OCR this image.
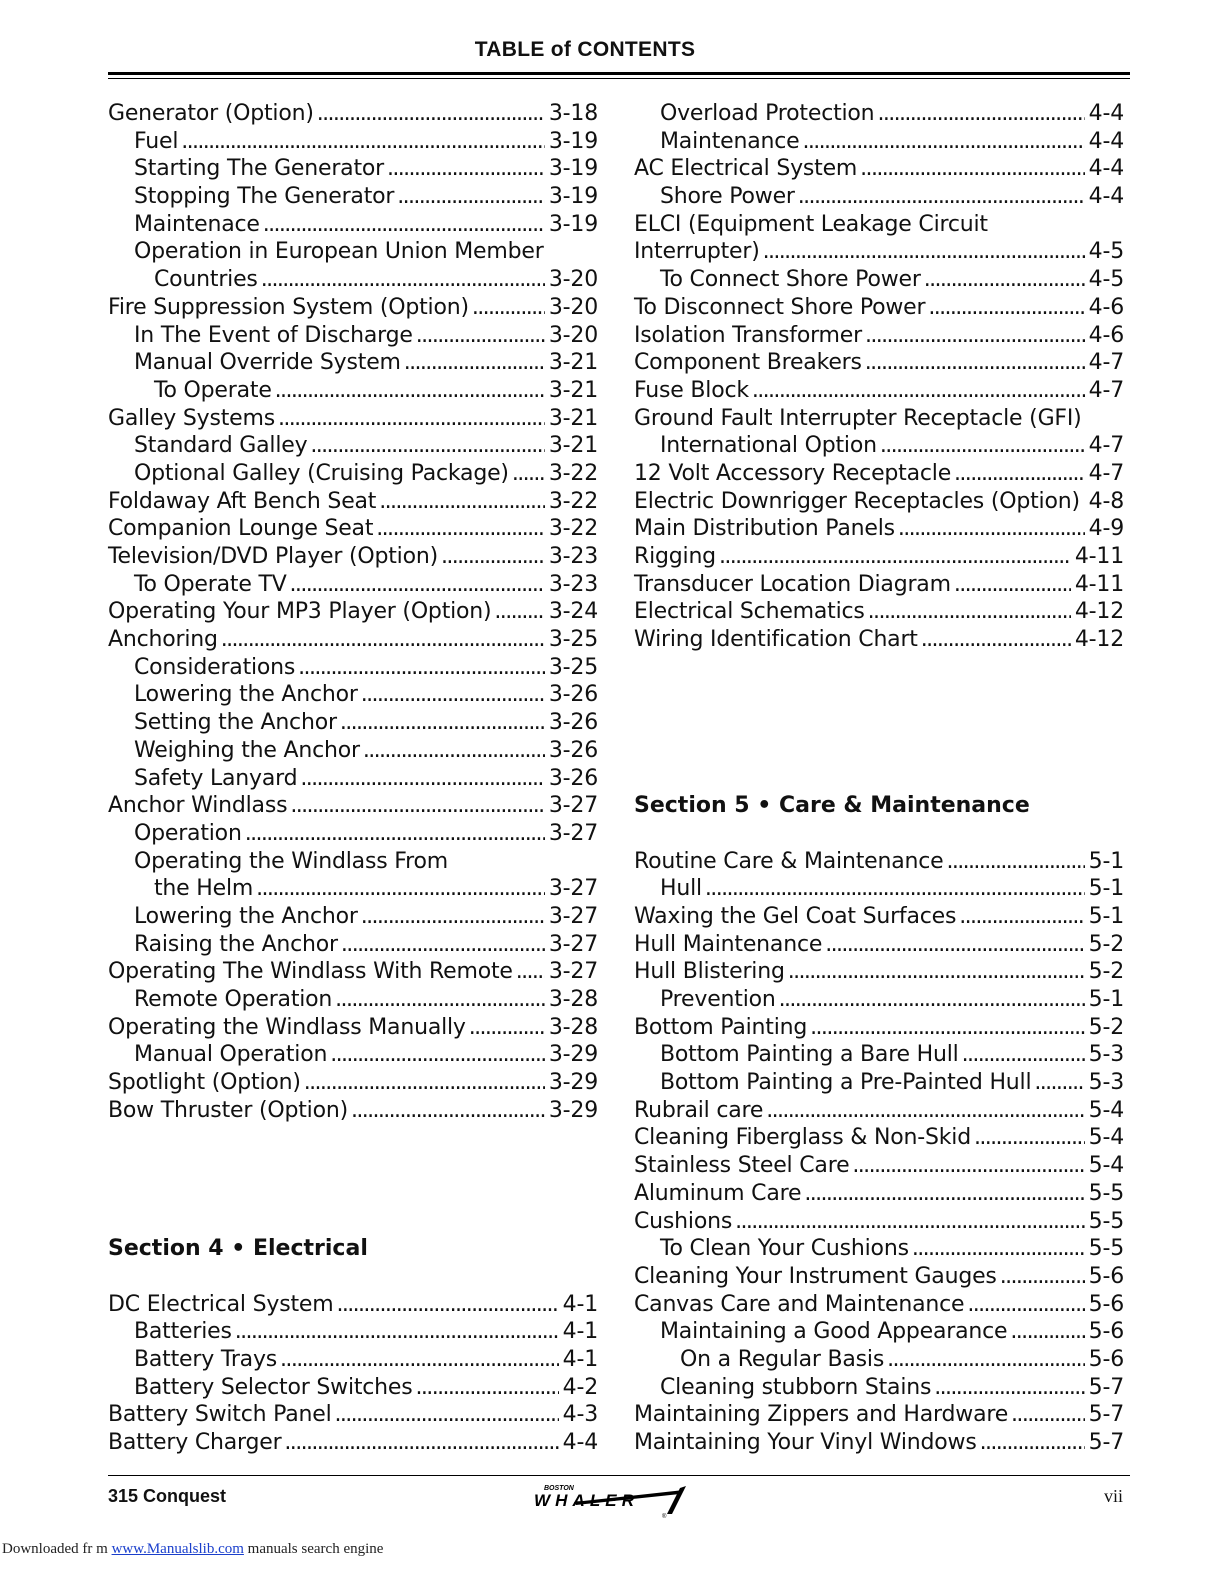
TABLE of CONTENTS
Generator (Option) . . .	3-18
Fuel . . .	3-19
Starting The Generator . . .	3-19
Stopping The Generator . . .	3-19
Maintenace . . .	3-19
Operation in European Union Member
Countries . . .	3-20
Fire Suppression System (Option) . . .	3-20
In The Event of Discharge . . .	3-20
Manual Override System . . .	3-21
To Operate . . .	3-21
Galley Systems . . .	3-21
Standard Galley . . .	3-21
Optional Galley (Cruising Package) . . . 3-22
Foldaway Aft Bench Seat . . .	3-22
Companion Lounge Seat . . .	3-22
Television/DVD Player (Option) . . .	3-23
To Operate TV . . .	3-23
Operating Your MP3 Player (Option) . . .	3-24
Anchoring . . .	3-25
Considerations . . .	3-25
Lowering the Anchor . . .	3-26
Setting the Anchor . . .	3-26
Weighing the Anchor . . .	3-26
Safety Lanyard . . .	3-26
Anchor Windlass . . .	3-27
Operation . . .	3-27
Operating the Windlass From
the Helm . . .	3-27
Lowering the Anchor . . .	3-27
Raising the Anchor . . .	3-27
Operating The Windlass With Remote . . . 3-27
Remote Operation . . .	3-28
Operating the Windlass Manually . . .	3-28
Manual Operation . . .	3-29
Spotlight (Option) . . .	3-29
Bow Thruster (Option) . . .	3-29
Section 4 • Electrical
DC Electrical System . . .	4-1
Batteries . . .	4-1
Battery Trays . . .	4-1
Battery Selector Switches . . .	4-2
Battery Switch Panel . . .	4-3
Battery Charger . . .	4-4
Overload Protection . . .	4-4
Maintenance . . .	4-4
AC Electrical System . . .	4-4
Shore Power . . .	4-4
ELCI (Equipment Leakage Circuit
Interrupter) . . .	4-5
To Connect Shore Power . . .	4-5
To Disconnect Shore Power . . .	4-6
Isolation Transformer . . .	4-6
Component Breakers . . .	4-7
Fuse Block . . .	4-7
Ground Fault Interrupter Receptacle (GFI)
International Option . . .	4-7
12 Volt Accessory Receptacle . . .	4-7
Electric Downrigger Receptacles (Option) . . . 4-8
Main Distribution Panels . . .	4-9
Rigging . . .	4-11
Transducer Location Diagram . . .	4-11
Electrical Schematics . . .	4-12
Wiring Identification Chart . . .	4-12
Section 5 • Care & Maintenance
Routine Care & Maintenance . . .	5-1
Hull . . .	5-1
Waxing the Gel Coat Surfaces . . .	5-1
Hull Maintenance . . .	5-2
Hull Blistering . . .	5-2
Prevention . . .	5-1
Bottom Painting . . .	5-2
Bottom Painting a Bare Hull . . .	5-3
Bottom Painting a Pre-Painted Hull . . .	5-3
Rubrail care . . .	5-4
Cleaning Fiberglass & Non-Skid . . .	5-4
Stainless Steel Care . . .	5-4
Aluminum Care . . .	5-5
Cushions . . .	5-5
To Clean Your Cushions . . .	5-5
Cleaning Your Instrument Gauges . . .	5-6
Canvas Care and Maintenance . . .	5-6
Maintaining a Good Appearance . . .	5-6
On a Regular Basis . . .	5-6
Cleaning stubborn Stains . . .	5-7
Maintaining Zippers and Hardware . . .	5-7
Maintaining Your Vinyl Windows . . .	5-7
315 Conquest	BOSTON
WHALER
®
vii
Downloaded fr m www.Manualslib.com manuals search engine
